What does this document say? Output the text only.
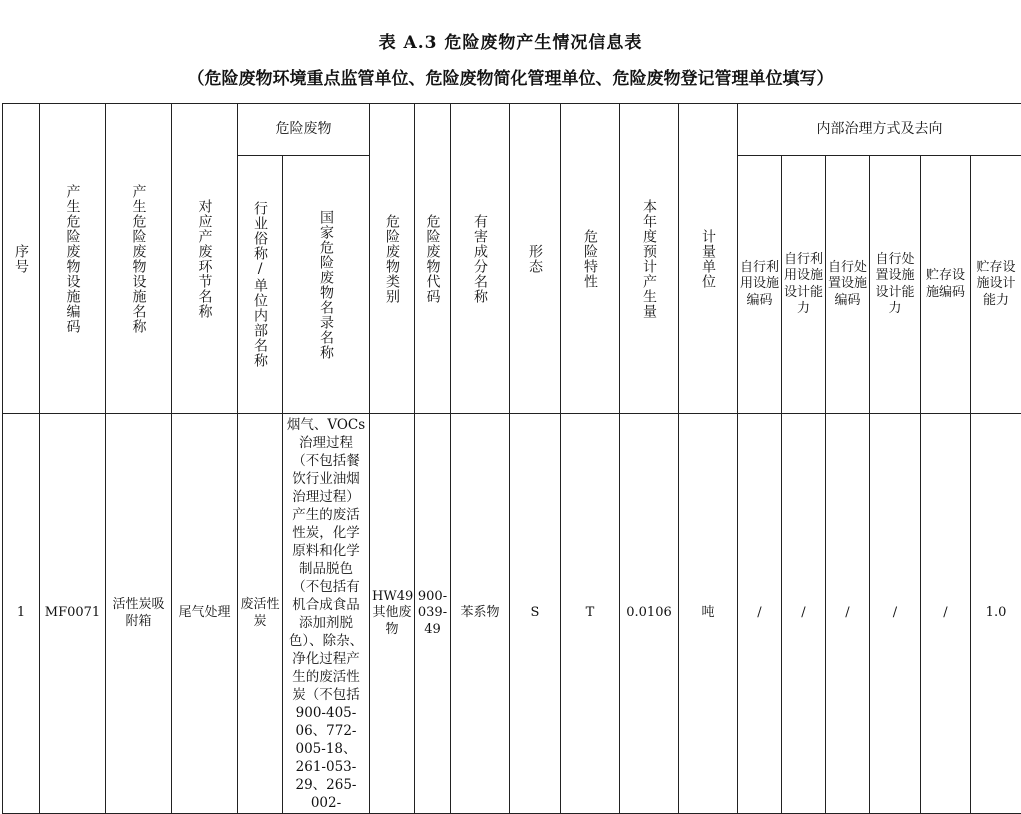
表 A.3 危险废物产生情况信息表
（危险废物环境重点监管单位、危险废物简化管理单位、危险废物登记管理单位填写）
序号	产生危险废物设施编码	产生危险废物设施名称	对应产废环节名称	危险废物		危险废物类别	危险废物代码	有害成分名称	形态	危险特性	本年度预计产生量	计量单位	内部治理方式及去向					

				行业俗称/单位内部名称	国家危险废物名录名称								自行利用设施编码	自行利用设施设计能力	自行处置设施编码	自行处置设施设计能力	贮存设施编码	贮存设施设计能力

1	MF0071	活性炭吸附箱	尾气处理	废活性炭	烟气、VOCs治理过程（不包括餐饮行业油烟治理过程）产生的废活性炭，化学原料和化学制品脱色（不包括有机合成食品添加剂脱色）、除杂、净化过程产生的废活性炭（不包括900-405-06、772-005-18、261-053-29、265-002-	HW49其他废物	900-039-49	苯系物	S	T	0.0106	吨	/	/	/	/	/	1.0
